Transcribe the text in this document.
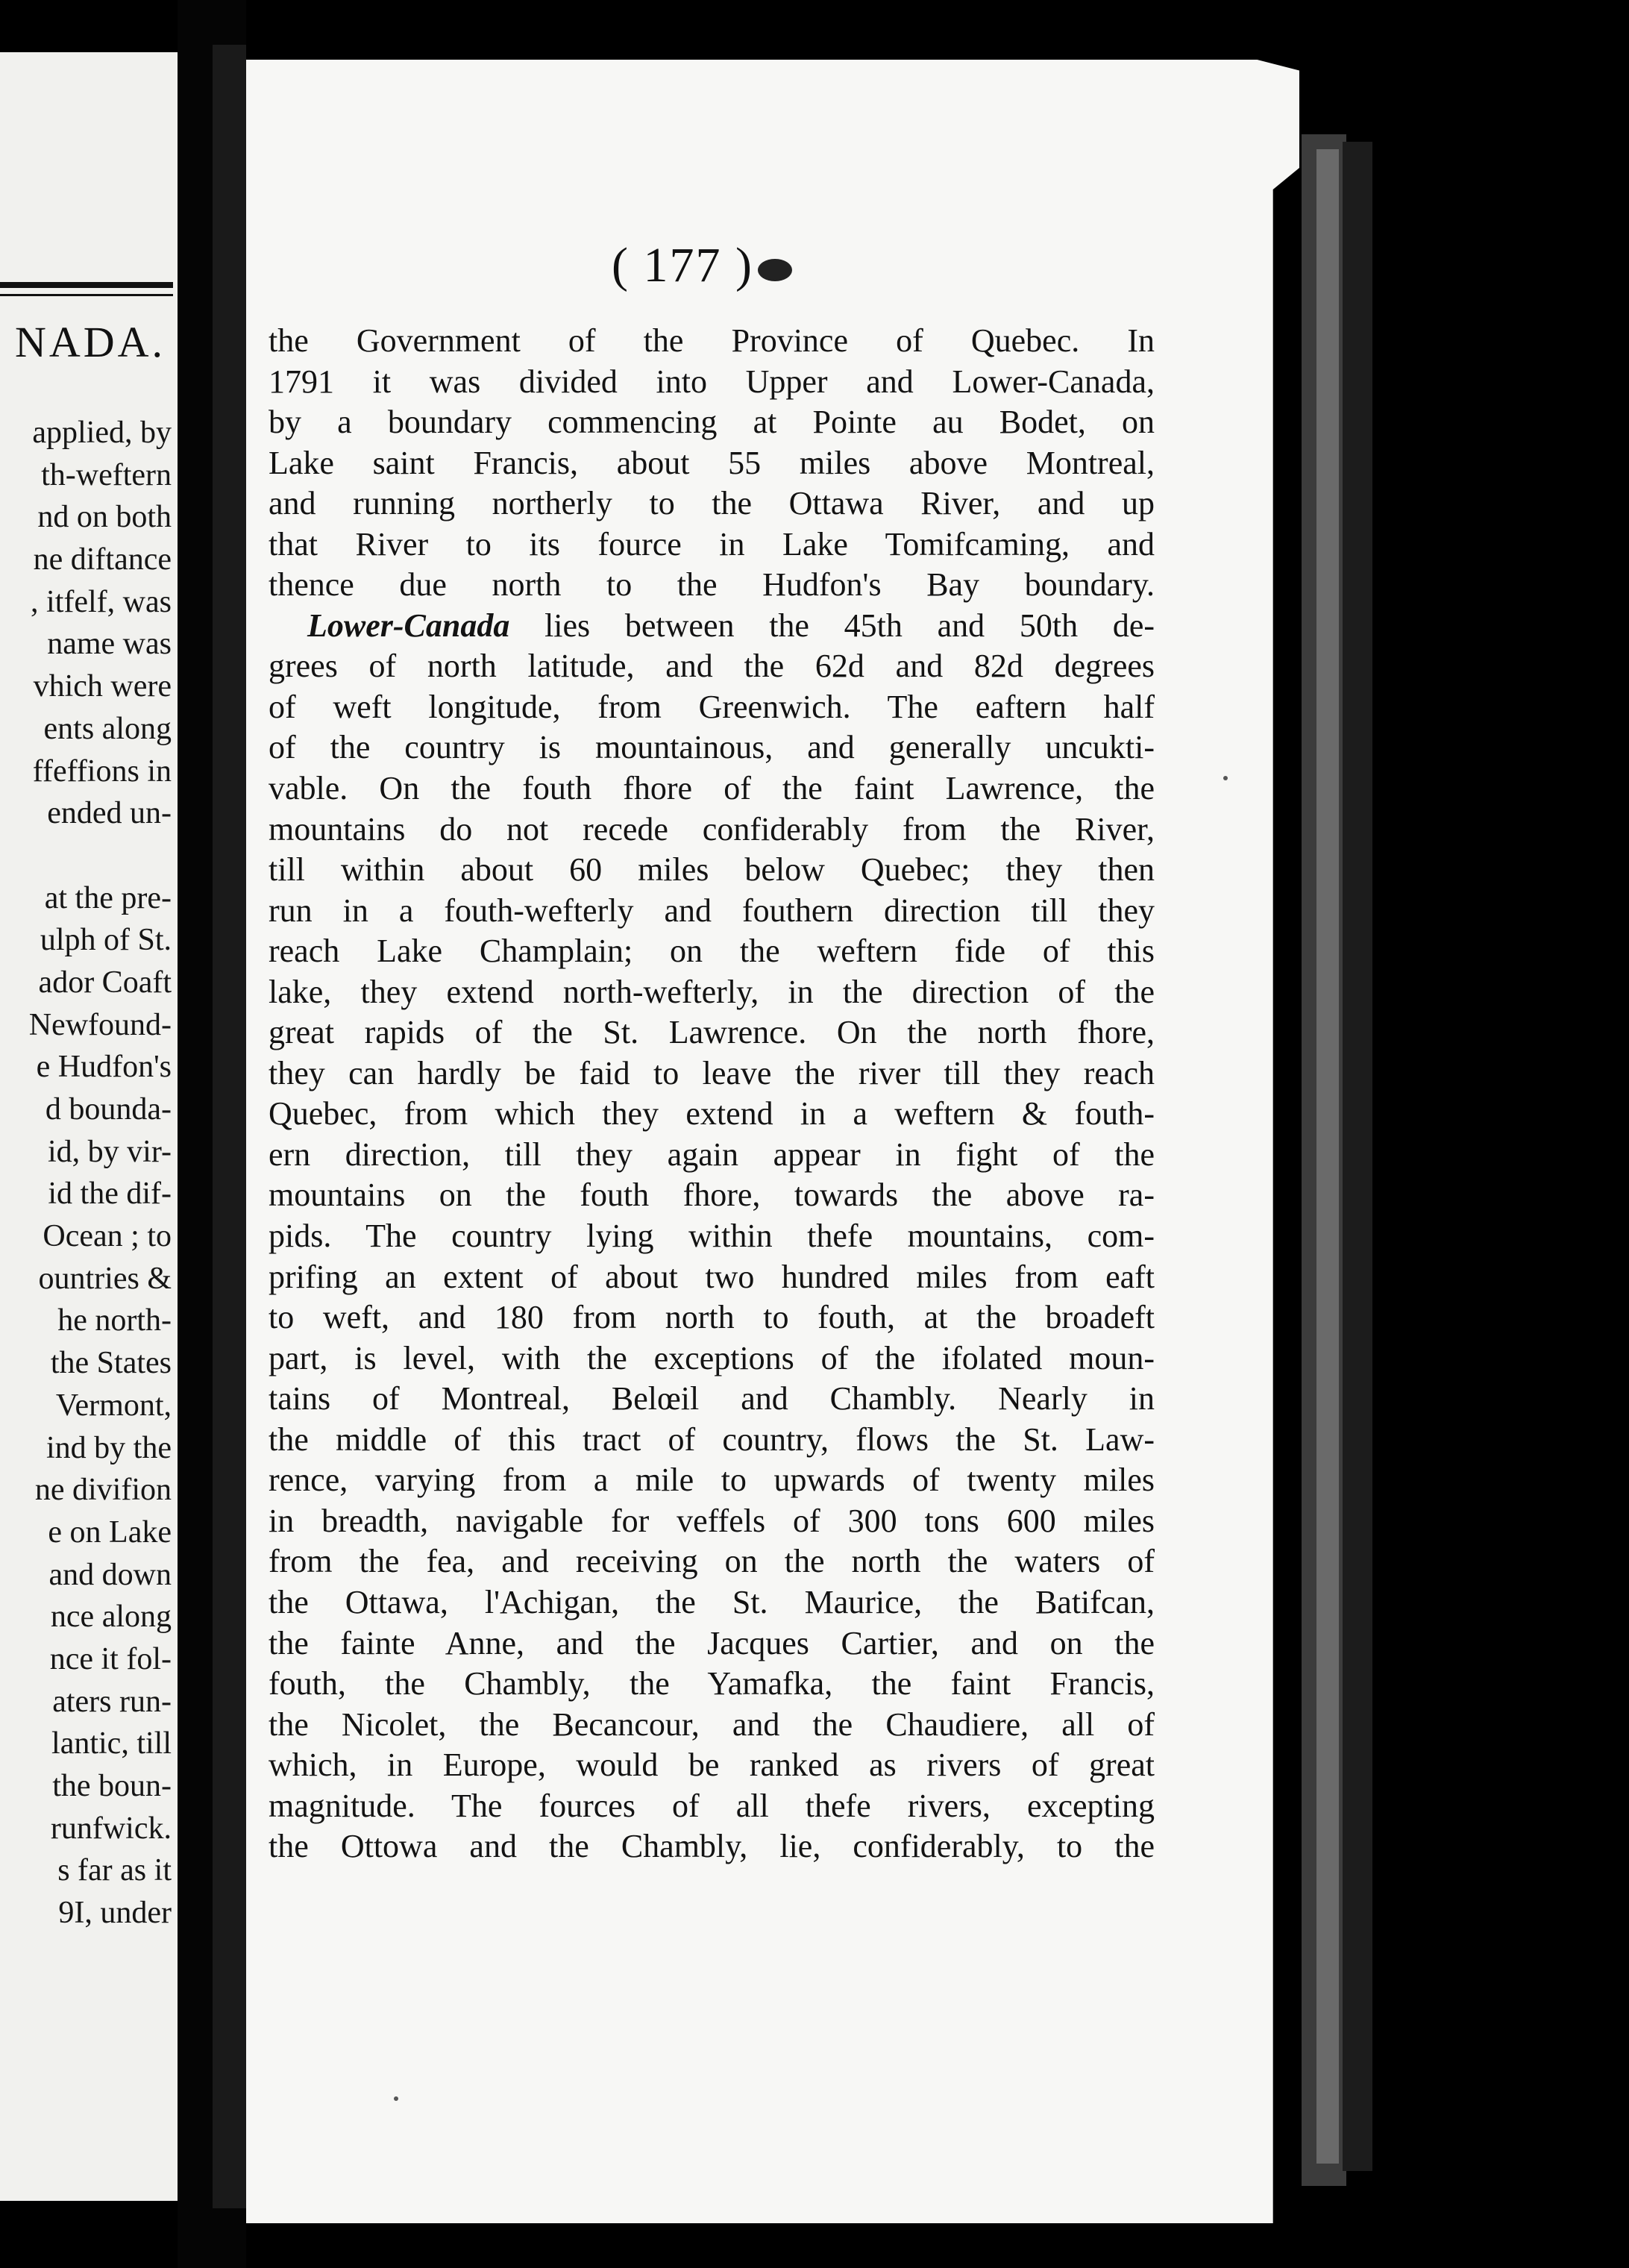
NADA.
applied, by
th-weftern
nd on both
ne diftance
, itfelf, was
name was
vhich were
ents along
ffeffions in
ended un-
at the pre-
ulph of St.
ador Coaft
Newfound-
e Hudfon's
d bounda-
id, by vir-
id the dif-
Ocean ; to
ountries &
he north-
the States
Vermont,
ind by the
ne divifion
e on Lake
and down
nce along
nce it fol-
aters run-
lantic, till
the boun-
runfwick.
s far as it
9I, under
( 177 )
the Government of the Province of Quebec. In
1791 it was divided into Upper and Lower-Canada,
by a boundary commencing at Pointe au Bodet, on
Lake saint Francis, about 55 miles above Montreal,
and running northerly to the Ottawa River, and up
that River to its fource in Lake Tomifcaming, and
thence due north to the Hudfon's Bay boundary.
Lower-Canada lies between the 45th and 50th de-
grees of north latitude, and the 62d and 82d degrees
of weft longitude, from Greenwich. The eaftern half
of the country is mountainous, and generally uncukti-
vable. On the fouth fhore of the faint Lawrence, the
mountains do not recede confiderably from the River,
till within about 60 miles below Quebec; they then
run in a fouth-wefterly and fouthern direction till they
reach Lake Champlain; on the weftern fide of this
lake, they extend north-wefterly, in the direction of the
great rapids of the St. Lawrence. On the north fhore,
they can hardly be faid to leave the river till they reach
Quebec, from which they extend in a weftern & fouth-
ern direction, till they again appear in fight of the
mountains on the fouth fhore, towards the above ra-
pids. The country lying within thefe mountains, com-
prifing an extent of about two hundred miles from eaft
to weft, and 180 from north to fouth, at the broadeft
part, is level, with the exceptions of the ifolated moun-
tains of Montreal, Belœil and Chambly. Nearly in
the middle of this tract of country, flows the St. Law-
rence, varying from a mile to upwards of twenty miles
in breadth, navigable for veffels of 300 tons 600 miles
from the fea, and receiving on the north the waters of
the Ottawa, l'Achigan, the St. Maurice, the Batifcan,
the fainte Anne, and the Jacques Cartier, and on the
fouth, the Chambly, the Yamafka, the faint Francis,
the Nicolet, the Becancour, and the Chaudiere, all of
which, in Europe, would be ranked as rivers of great
magnitude. The fources of all thefe rivers, excepting
the Ottowa and the Chambly, lie, confiderably, to the
